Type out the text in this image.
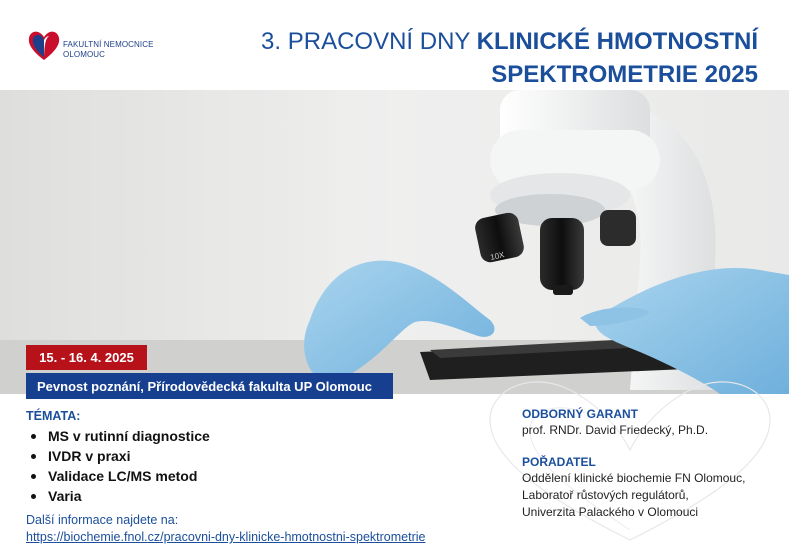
FAKULTNÍ NEMOCNICE
OLOMOUC	3. PRACOVNÍ DNY KLINICKÉ HMOTNOSTNÍ
SPEKTROMETRIE 2025
10X
15. - 16. 4. 2025
Pevnost poznání, Přírodovědecká fakulta UP Olomouc
TÉMATA:
MS v rutinní diagnostice
IVDR v praxi
Validace LC/MS metod
Varia
Další informace najdete na:
https://biochemie.fnol.cz/pracovni-dny-klinicke-hmotnostni-spektrometrie
ODBORNÝ GARANT
prof. RNDr. David Friedecký, Ph.D.
POŘADATEL
Oddělení klinické biochemie FN Olomouc,
Laboratoř růstových regulátorů,
Univerzita Palackého v Olomouci
